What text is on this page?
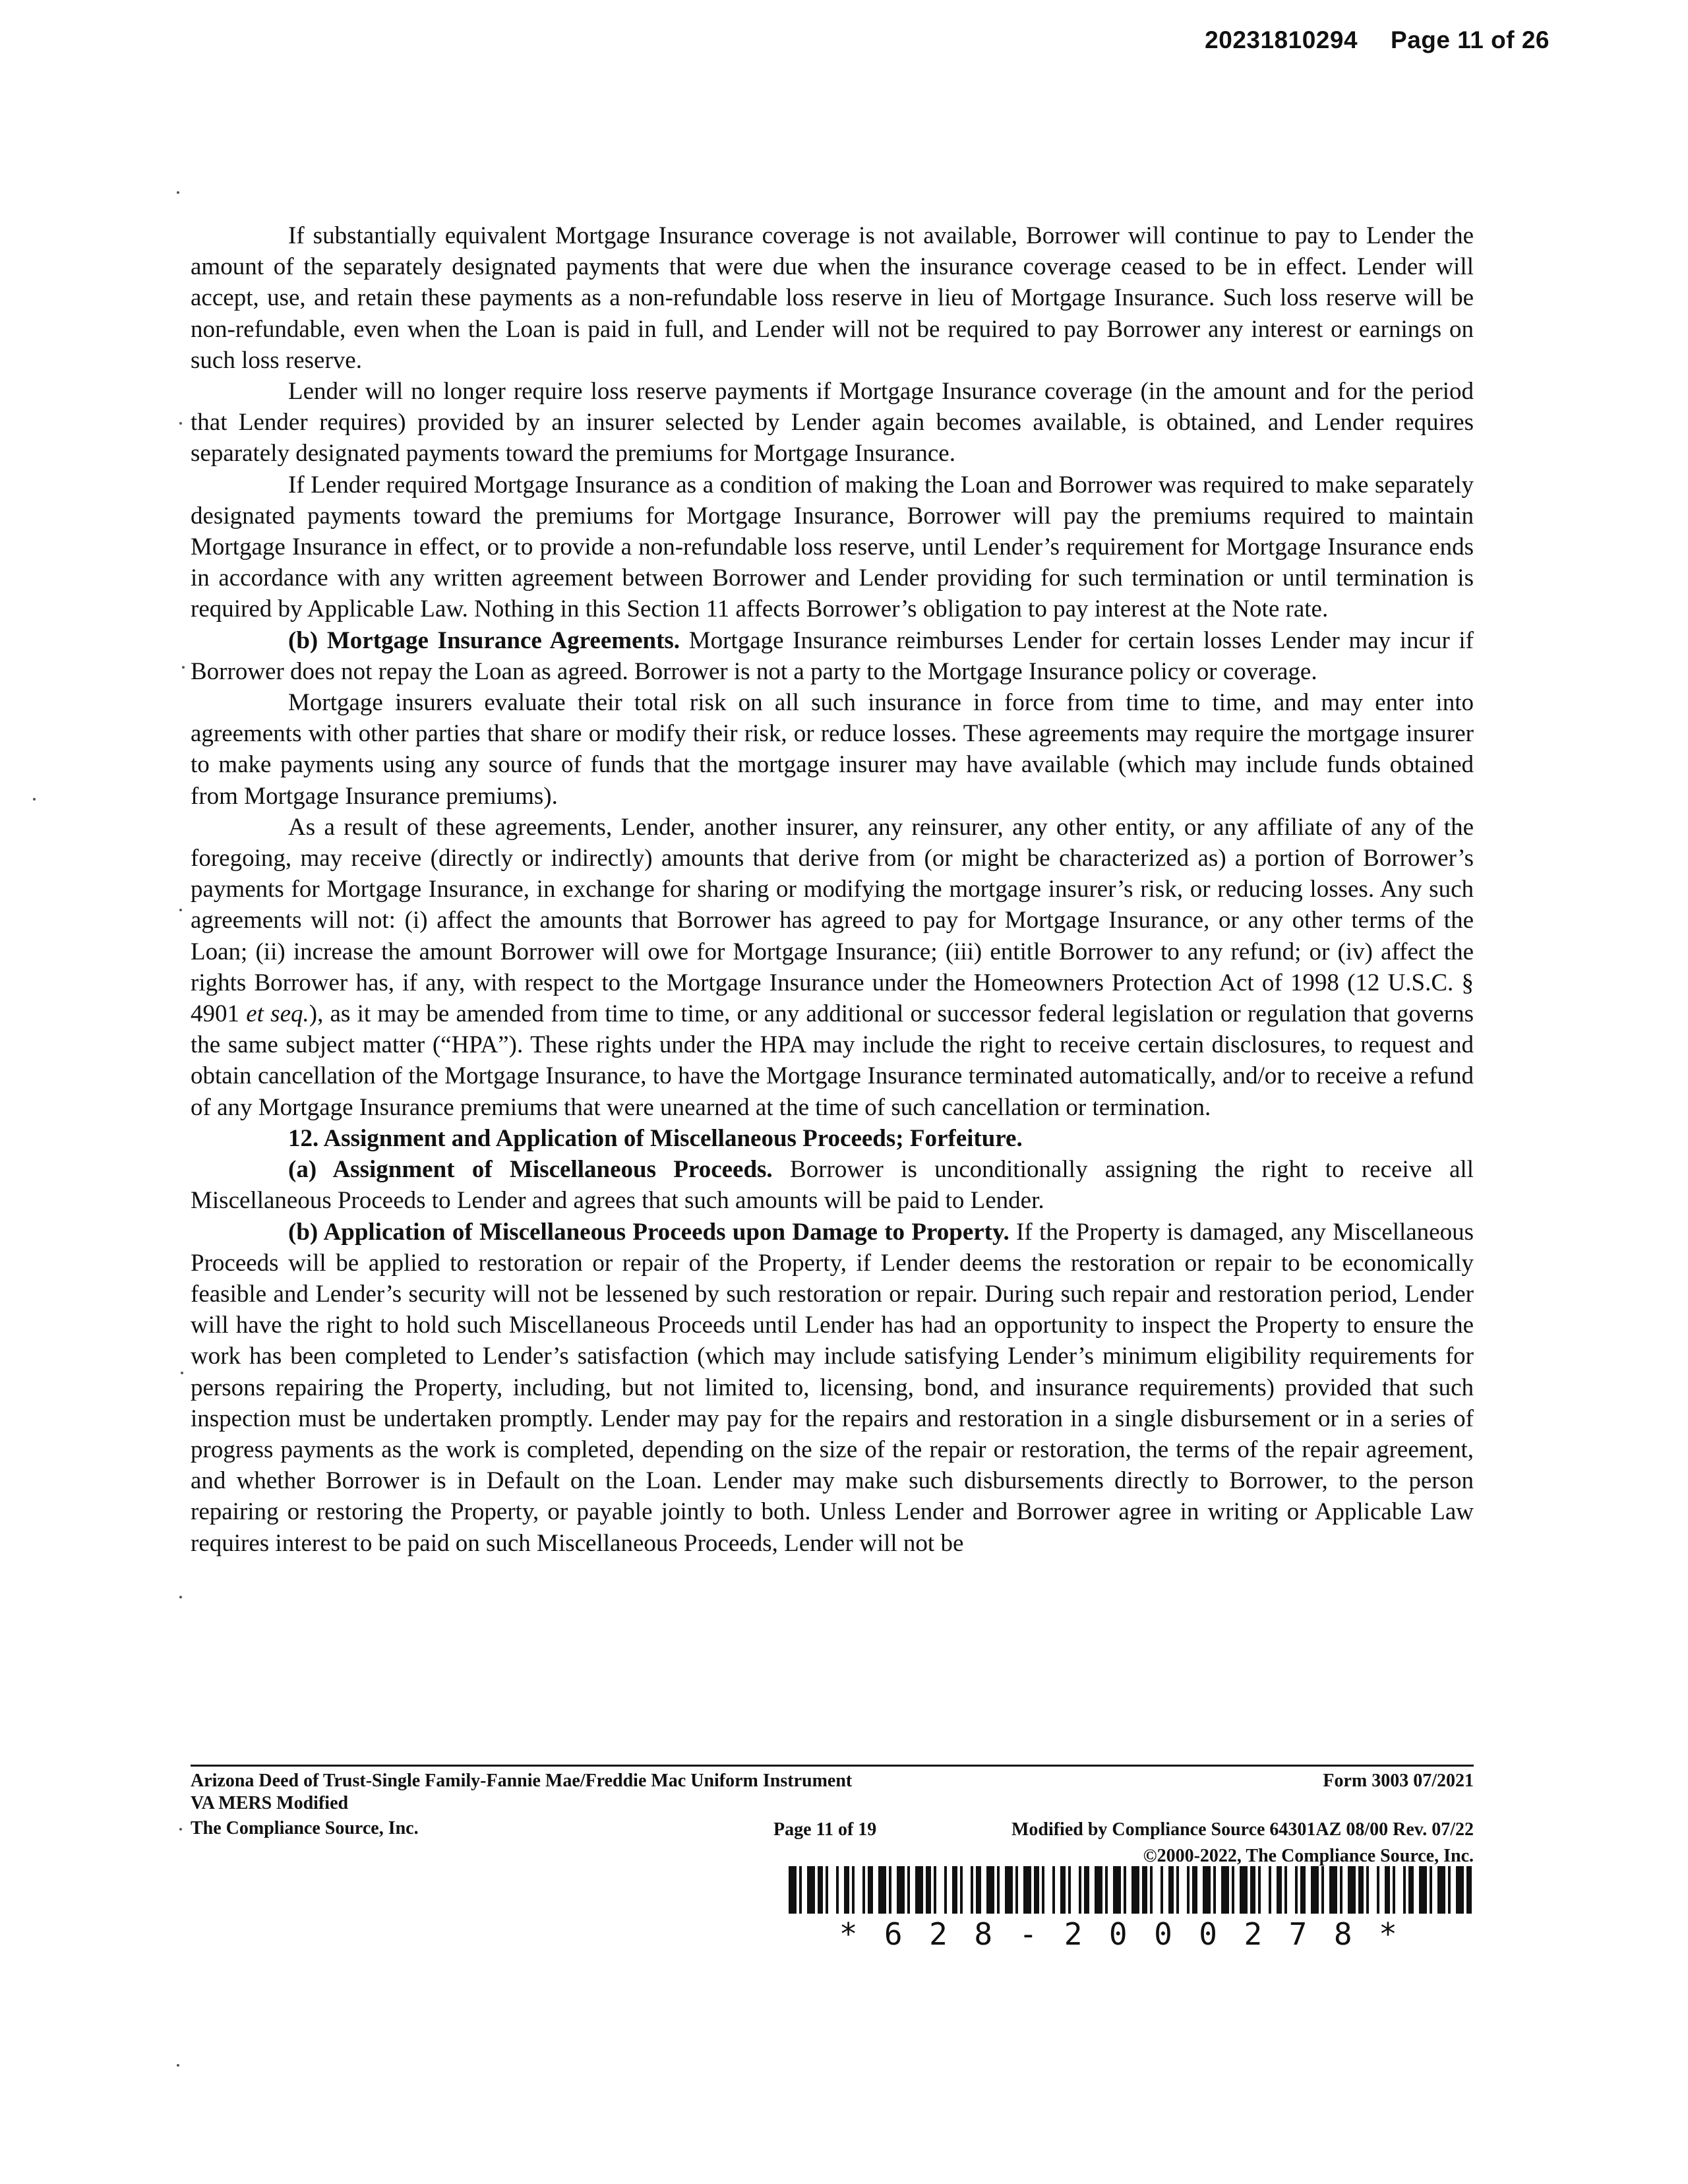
20231810294 Page 11 of 26

If substantially equivalent Mortgage Insurance coverage is not available, Borrower will continue to pay to Lender the amount of the separately designated payments that were due when the insurance coverage ceased to be in effect. Lender will accept, use, and retain these payments as a non-refundable loss reserve in lieu of Mortgage Insurance. Such loss reserve will be non-refundable, even when the Loan is paid in full, and Lender will not be required to pay Borrower any interest or earnings on such loss reserve.

Lender will no longer require loss reserve payments if Mortgage Insurance coverage (in the amount and for the period that Lender requires) provided by an insurer selected by Lender again becomes available, is obtained, and Lender requires separately designated payments toward the premiums for Mortgage Insurance.

If Lender required Mortgage Insurance as a condition of making the Loan and Borrower was required to make separately designated payments toward the premiums for Mortgage Insurance, Borrower will pay the premiums required to maintain Mortgage Insurance in effect, or to provide a non-refundable loss reserve, until Lender’s requirement for Mortgage Insurance ends in accordance with any written agreement between Borrower and Lender providing for such termination or until termination is required by Applicable Law. Nothing in this Section 11 affects Borrower’s obligation to pay interest at the Note rate.

(b) Mortgage Insurance Agreements. Mortgage Insurance reimburses Lender for certain losses Lender may incur if Borrower does not repay the Loan as agreed. Borrower is not a party to the Mortgage Insurance policy or coverage.

Mortgage insurers evaluate their total risk on all such insurance in force from time to time, and may enter into agreements with other parties that share or modify their risk, or reduce losses. These agreements may require the mortgage insurer to make payments using any source of funds that the mortgage insurer may have available (which may include funds obtained from Mortgage Insurance premiums).

As a result of these agreements, Lender, another insurer, any reinsurer, any other entity, or any affiliate of any of the foregoing, may receive (directly or indirectly) amounts that derive from (or might be characterized as) a portion of Borrower’s payments for Mortgage Insurance, in exchange for sharing or modifying the mortgage insurer’s risk, or reducing losses. Any such agreements will not: (i) affect the amounts that Borrower has agreed to pay for Mortgage Insurance, or any other terms of the Loan; (ii) increase the amount Borrower will owe for Mortgage Insurance; (iii) entitle Borrower to any refund; or (iv) affect the rights Borrower has, if any, with respect to the Mortgage Insurance under the Homeowners Protection Act of 1998 (12 U.S.C. § 4901 et seq.), as it may be amended from time to time, or any additional or successor federal legislation or regulation that governs the same subject matter (“HPA”). These rights under the HPA may include the right to receive certain disclosures, to request and obtain cancellation of the Mortgage Insurance, to have the Mortgage Insurance terminated automatically, and/or to receive a refund of any Mortgage Insurance premiums that were unearned at the time of such cancellation or termination.

12. Assignment and Application of Miscellaneous Proceeds; Forfeiture.

(a) Assignment of Miscellaneous Proceeds. Borrower is unconditionally assigning the right to receive all Miscellaneous Proceeds to Lender and agrees that such amounts will be paid to Lender.

(b) Application of Miscellaneous Proceeds upon Damage to Property. If the Property is damaged, any Miscellaneous Proceeds will be applied to restoration or repair of the Property, if Lender deems the restoration or repair to be economically feasible and Lender’s security will not be lessened by such restoration or repair. During such repair and restoration period, Lender will have the right to hold such Miscellaneous Proceeds until Lender has had an opportunity to inspect the Property to ensure the work has been completed to Lender’s satisfaction (which may include satisfying Lender’s minimum eligibility requirements for persons repairing the Property, including, but not limited to, licensing, bond, and insurance requirements) provided that such inspection must be undertaken promptly. Lender may pay for the repairs and restoration in a single disbursement or in a series of progress payments as the work is completed, depending on the size of the repair or restoration, the terms of the repair agreement, and whether Borrower is in Default on the Loan. Lender may make such disbursements directly to Borrower, to the person repairing or restoring the Property, or payable jointly to both. Unless Lender and Borrower agree in writing or Applicable Law requires interest to be paid on such Miscellaneous Proceeds, Lender will not be

Arizona Deed of Trust-Single Family-Fannie Mae/Freddie Mac Uniform Instrument	Form 3003 07/2021
VA MERS Modified
The Compliance Source, Inc.	Page 11 of 19	Modified by Compliance Source 64301AZ 08/00 Rev. 07/22
©2000-2022, The Compliance Source, Inc.
*628-2000278*
